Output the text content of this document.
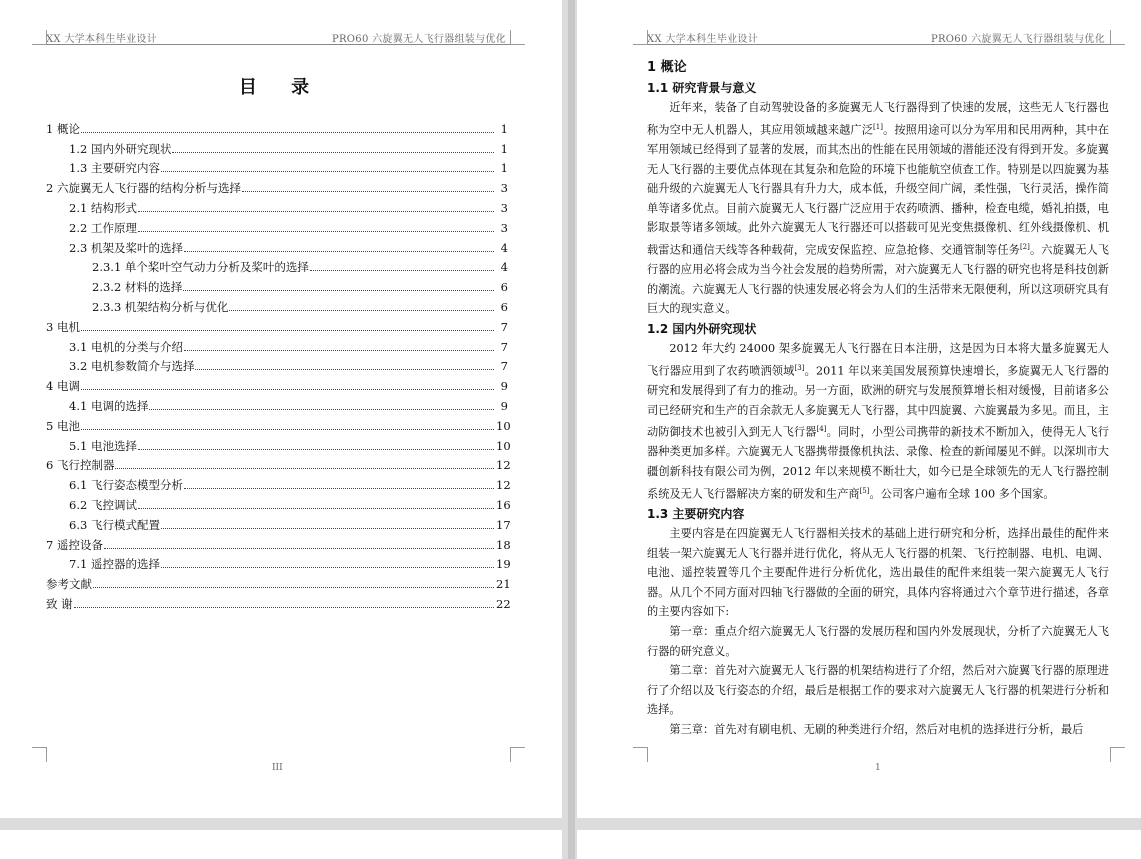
XX 大学本科生毕业设计	PRO60 六旋翼无人飞行器组装与优化
目 录
1 概论	1
1.2 国内外研究现状	1
1.3 主要研究内容	1
2 六旋翼无人飞行器的结构分析与选择	3
2.1 结构形式	3
2.2 工作原理	3
2.3 机架及桨叶的选择	4
2.3.1 单个桨叶空气动力分析及桨叶的选择	4
2.3.2 材料的选择	6
2.3.3 机架结构分析与优化	6
3 电机	7
3.1 电机的分类与介绍	7
3.2 电机参数简介与选择	7
4 电调	9
4.1 电调的选择	9
5 电池	10
5.1 电池选择	10
6 飞行控制器	12
6.1 飞行姿态模型分析	12
6.2 飞控调试	16
6.3 飞行模式配置	17
7 遥控设备	18
7.1 遥控器的选择	19
参考文献	21
致 谢	22
III
XX 大学本科生毕业设计	PRO60 六旋翼无人飞行器组装与优化
1
1 概论
1.1 研究背景与意义
近年来，装备了自动驾驶设备的多旋翼无人飞行器得到了快速的发展，这些无人飞行器也称为空中无人机器人，其应用领域越来越广泛[1]。按照用途可以分为军用和民用两种，其中在军用领域已经得到了显著的发展，而其杰出的性能在民用领域的潜能还没有得到开发。多旋翼无人飞行器的主要优点体现在其复杂和危险的环境下也能航空侦查工作。特别是以四旋翼为基础升级的六旋翼无人飞行器具有升力大，成本低，升级空间广阔，柔性强，飞行灵活，操作简单等诸多优点。目前六旋翼无人飞行器广泛应用于农药喷洒、播种，检查电缆，婚礼拍摄，电影取景等诸多领域。此外六旋翼无人飞行器还可以搭载可见光变焦摄像机、红外线摄像机、机载雷达和通信天线等各种载荷，完成安保监控、应急抢修、交通管制等任务[2]。六旋翼无人飞行器的应用必将会成为当今社会发展的趋势所需，对六旋翼无人飞行器的研究也将是科技创新的潮流。六旋翼无人飞行器的快速发展必将会为人们的生活带来无限便利，所以这项研究具有巨大的现实意义。
1.2 国内外研究现状
2012 年大约 24000 架多旋翼无人飞行器在日本注册，这是因为日本将大量多旋翼无人飞行器应用到了农药喷洒领域[3]。2011 年以来美国发展预算快速增长，多旋翼无人飞行器的研究和发展得到了有力的推动。另一方面，欧洲的研究与发展预算增长相对缓慢，目前诸多公司已经研究和生产的百余款无人多旋翼无人飞行器，其中四旋翼、六旋翼最为多见。而且，主动防御技术也被引入到无人飞行器[4]。同时，小型公司携带的新技术不断加入，使得无人飞行器种类更加多样。六旋翼无人飞器携带摄像机执法、录像、检查的新闻屡见不鲜。以深圳市大疆创新科技有限公司为例，2012 年以来规模不断壮大，如今已是全球领先的无人飞行器控制系统及无人飞行器解决方案的研发和生产商[5]。公司客户遍布全球 100 多个国家。
1.3 主要研究内容
主要内容是在四旋翼无人飞行器相关技术的基础上进行研究和分析，选择出最佳的配件来组装一架六旋翼无人飞行器并进行优化，将从无人飞行器的机架、飞行控制器、电机、电调、电池、遥控装置等几个主要配件进行分析优化，选出最佳的配件来组装一架六旋翼无人飞行器。从几个不同方面对四轴飞行器做的全面的研究，具体内容将通过六个章节进行描述，各章的主要内容如下:
第一章：重点介绍六旋翼无人飞行器的发展历程和国内外发展现状，分析了六旋翼无人飞行器的研究意义。
第二章：首先对六旋翼无人飞行器的机架结构进行了介绍，然后对六旋翼飞行器的原理进行了介绍以及飞行姿态的介绍，最后是根据工作的要求对六旋翼无人飞行器的机架进行分析和选择。
第三章：首先对有刷电机、无刷的种类进行介绍，然后对电机的选择进行分析，最后
